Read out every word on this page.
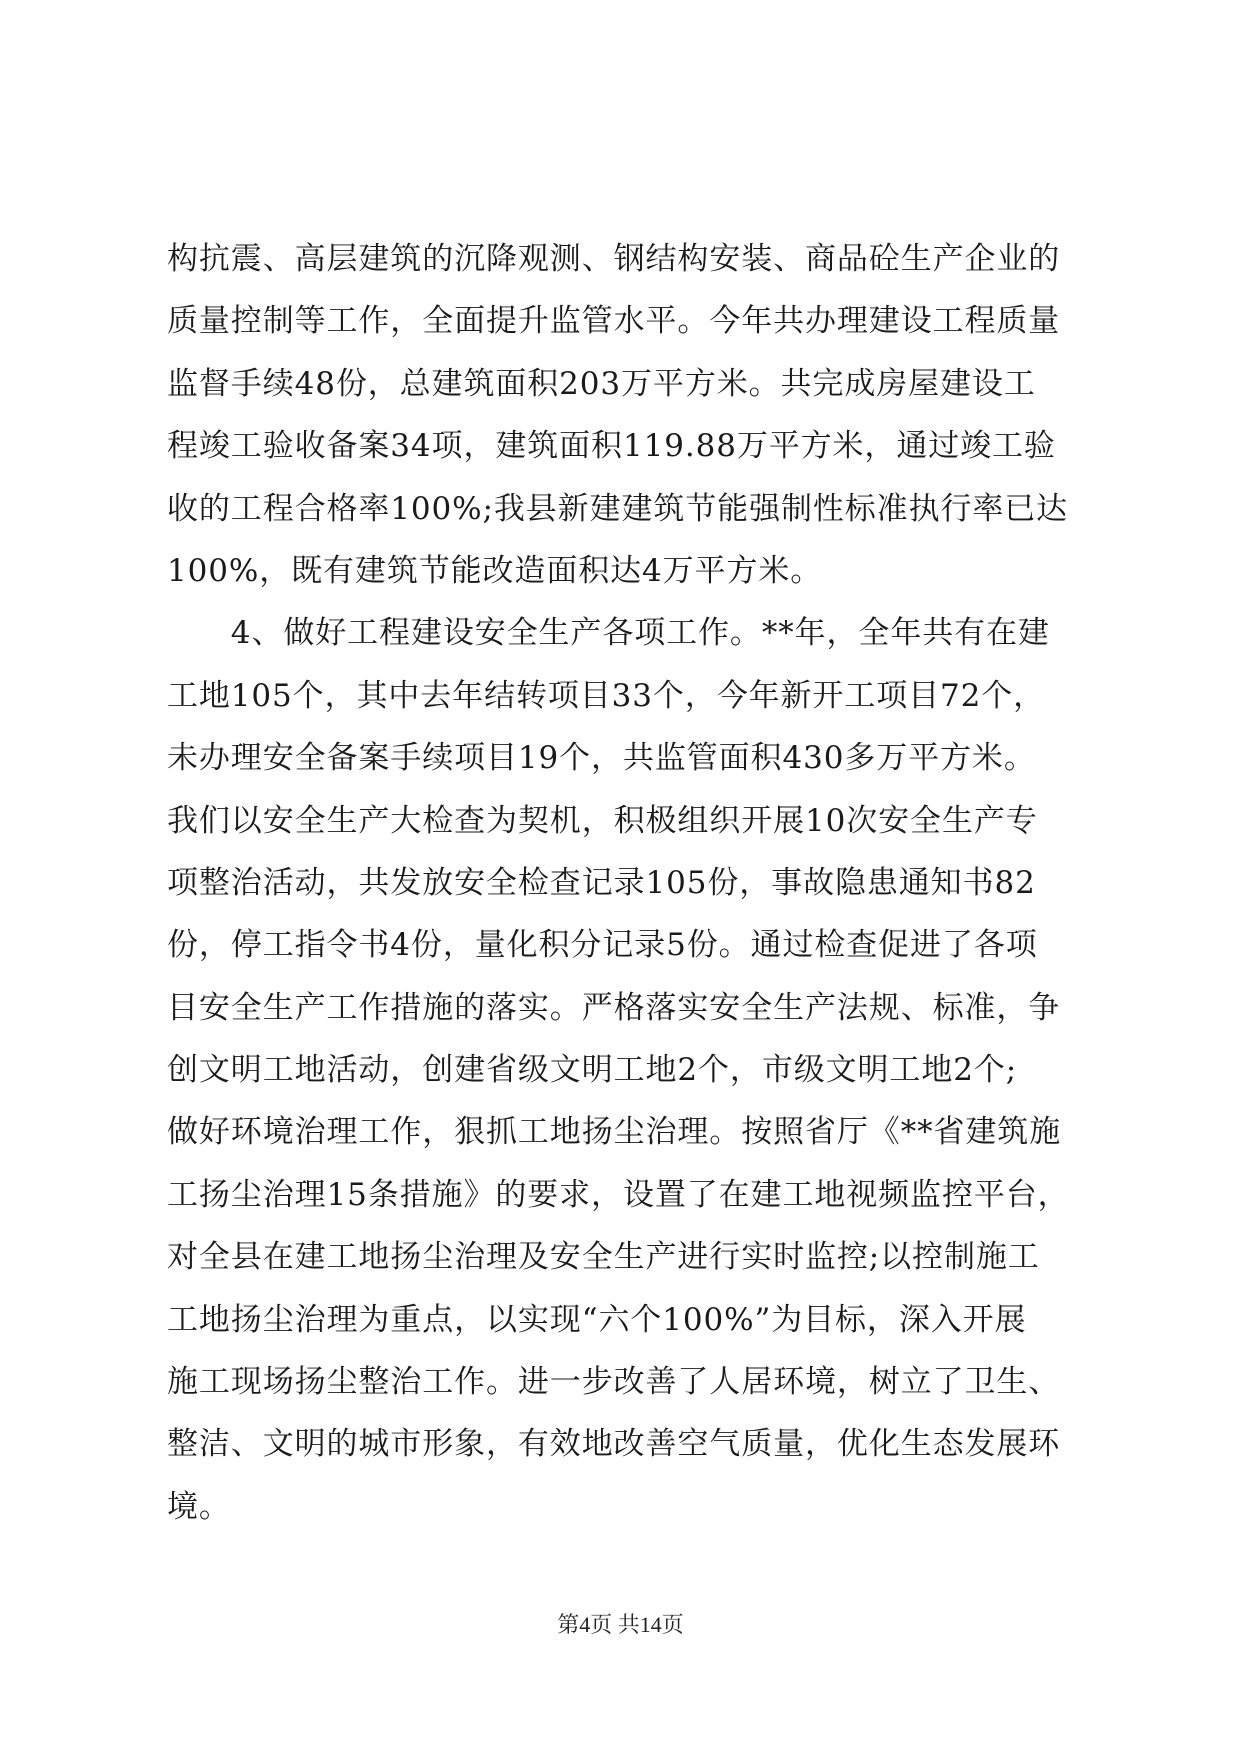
构抗震、高层建筑的沉降观测、钢结构安装、商品砼生产企业的
质量控制等工作，全面提升监管水平。今年共办理建设工程质量
监督手续48份，总建筑面积203万平方米。共完成房屋建设工
程竣工验收备案34项，建筑面积119.88万平方米，通过竣工验
收的工程合格率100%;我县新建建筑节能强制性标准执行率已达
100%，既有建筑节能改造面积达4万平方米。
　　4、做好工程建设安全生产各项工作。**年，全年共有在建
工地105个，其中去年结转项目33个，今年新开工项目72个，
未办理安全备案手续项目19个，共监管面积430多万平方米。
我们以安全生产大检查为契机，积极组织开展10次安全生产专
项整治活动，共发放安全检查记录105份，事故隐患通知书82
份，停工指令书4份，量化积分记录5份。通过检查促进了各项
目安全生产工作措施的落实。严格落实安全生产法规、标准，争
创文明工地活动，创建省级文明工地2个，市级文明工地2个;
做好环境治理工作，狠抓工地扬尘治理。按照省厅《**省建筑施
工扬尘治理15条措施》的要求，设置了在建工地视频监控平台，
对全县在建工地扬尘治理及安全生产进行实时监控;以控制施工
工地扬尘治理为重点，以实现“六个100%”为目标，深入开展
施工现场扬尘整治工作。进一步改善了人居环境，树立了卫生、
整洁、文明的城市形象，有效地改善空气质量，优化生态发展环
境。
第4页 共14页
